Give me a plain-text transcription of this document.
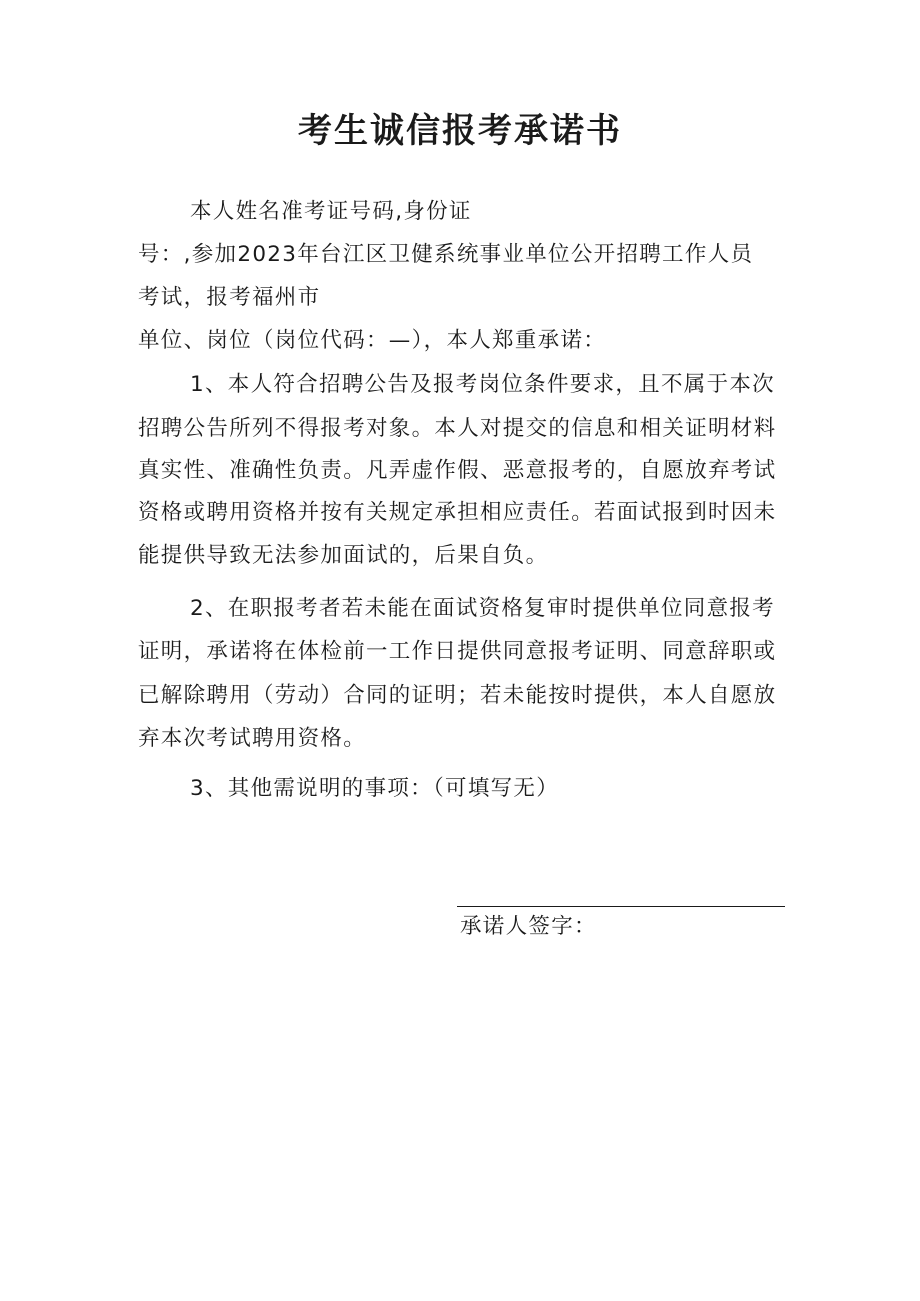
考生诚信报考承诺书
本人姓名准考证号码,身份证
号：,参加2023年台江区卫健系统事业单位公开招聘工作人员
考试，报考福州市
单位、岗位（岗位代码：—），本人郑重承诺：
1、本人符合招聘公告及报考岗位条件要求，且不属于本次
招聘公告所列不得报考对象。本人对提交的信息和相关证明材料
真实性、准确性负责。凡弄虚作假、恶意报考的，自愿放弃考试
资格或聘用资格并按有关规定承担相应责任。若面试报到时因未
能提供导致无法参加面试的，后果自负。
2、在职报考者若未能在面试资格复审时提供单位同意报考
证明，承诺将在体检前一工作日提供同意报考证明、同意辞职或
已解除聘用（劳动）合同的证明；若未能按时提供，本人自愿放
弃本次考试聘用资格。
3、其他需说明的事项：（可填写无）
承诺人签字：
